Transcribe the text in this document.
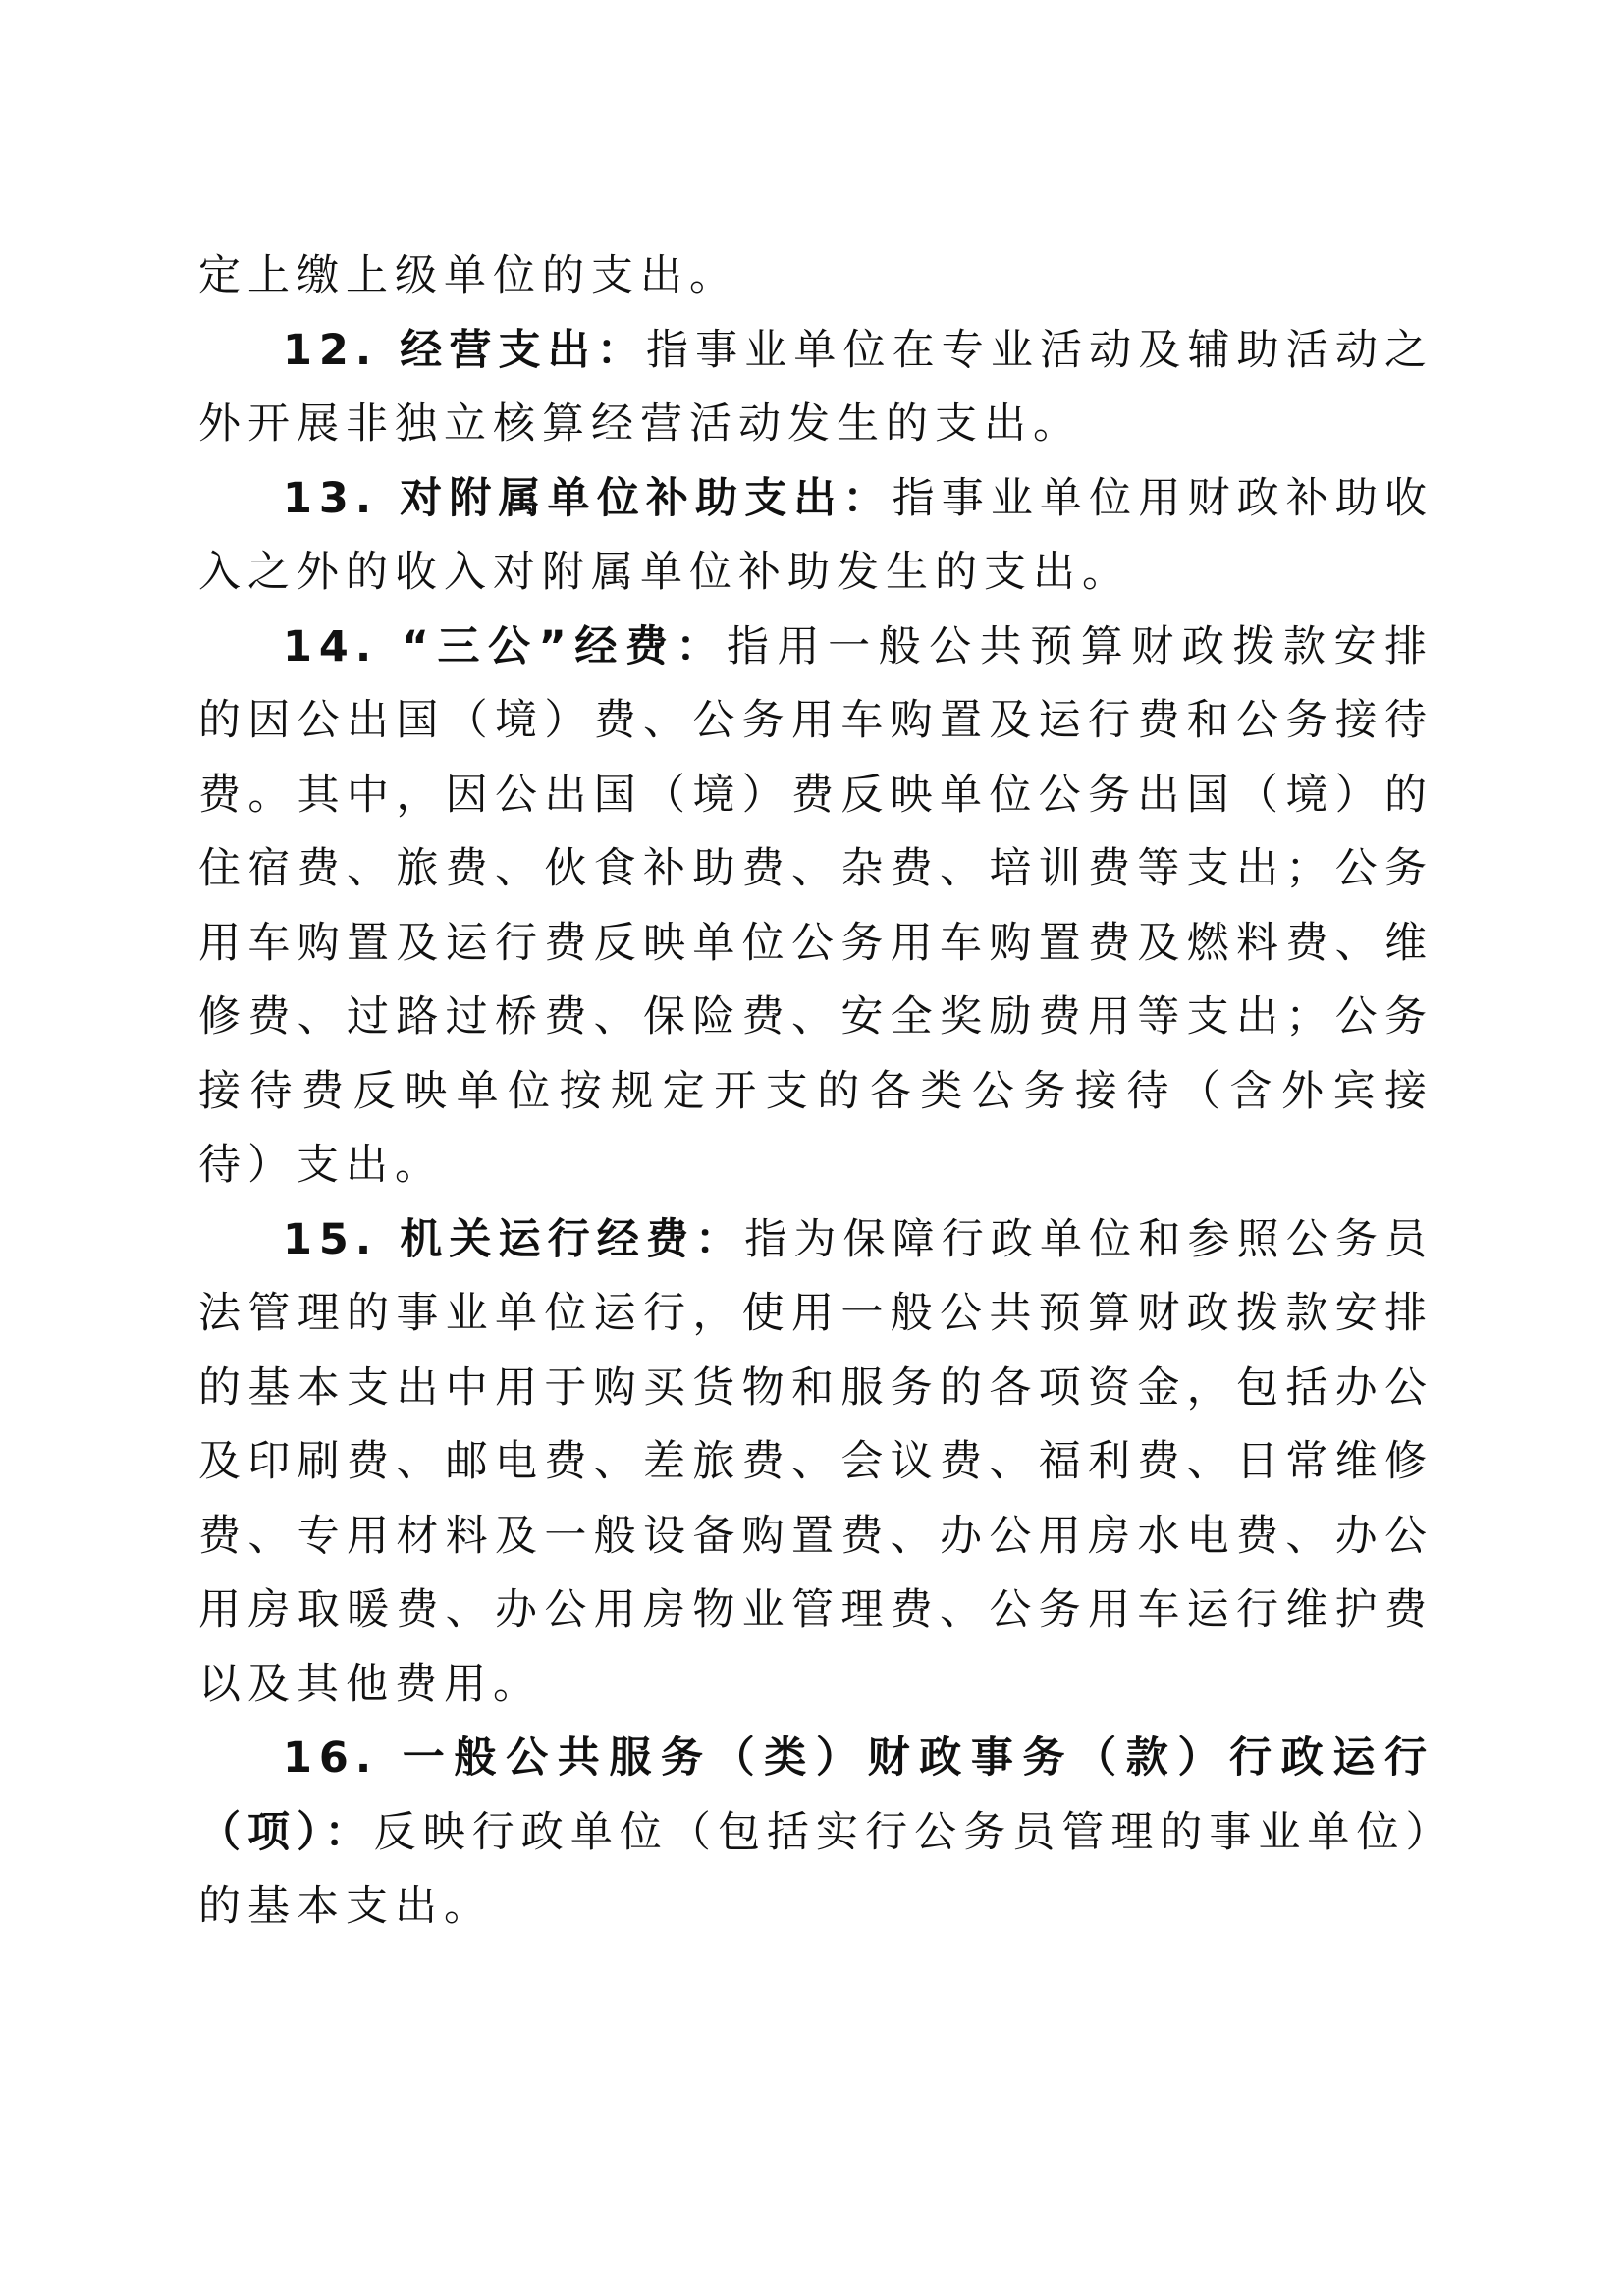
定上缴上级单位的支出。

12. 经营支出：指事业单位在专业活动及辅助活动之外开展非独立核算经营活动发生的支出。

13. 对附属单位补助支出：指事业单位用财政补助收入之外的收入对附属单位补助发生的支出。

14. “三公”经费：指用一般公共预算财政拨款安排的因公出国（境）费、公务用车购置及运行费和公务接待费。其中，因公出国（境）费反映单位公务出国（境）的住宿费、旅费、伙食补助费、杂费、培训费等支出；公务用车购置及运行费反映单位公务用车购置费及燃料费、维修费、过路过桥费、保险费、安全奖励费用等支出；公务接待费反映单位按规定开支的各类公务接待（含外宾接待）支出。

15. 机关运行经费：指为保障行政单位和参照公务员法管理的事业单位运行，使用一般公共预算财政拨款安排的基本支出中用于购买货物和服务的各项资金，包括办公及印刷费、邮电费、差旅费、会议费、福利费、日常维修费、专用材料及一般设备购置费、办公用房水电费、办公用房取暖费、办公用房物业管理费、公务用车运行维护费以及其他费用。

16. 一般公共服务（类）财政事务（款）行政运行（项）：反映行政单位（包括实行公务员管理的事业单位）的基本支出。
